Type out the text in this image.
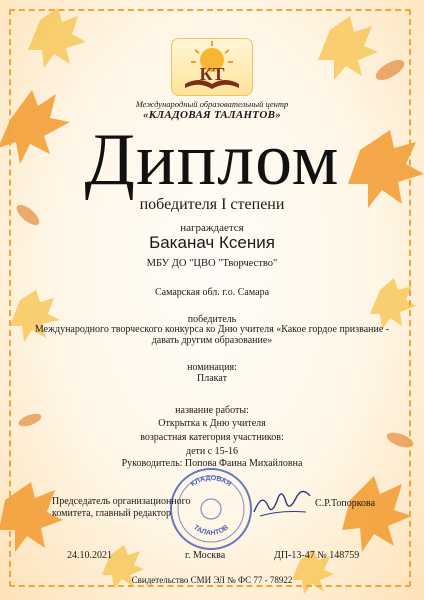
КТ
Международный образовательный центр
«КЛАДОВАЯ ТАЛАНТОВ»
Диплом
победителя I степени
награждается
Баканач Ксения
МБУ ДО "ЦВО "Творчество"
Самарская обл. г.о. Самара
победитель
Международного творческого конкурса ко Дню учителя «Какое гордое призвание - давать другим образование»
номинация:
Плакат
название работы:
Открытка к Дню учителя
возрастная категория участников:
дети с 15-16
Руководитель: Попова Фаина Михайловна
КЛАДОВАЯ
ТАЛАНТОВ
Председатель организационного комитета, главный редактор
С.Р.Топоркова
24.10.2021	г. Москва	ДП-13-47 № 148759
Свидетельство СМИ ЭЛ № ФС 77 - 78922
